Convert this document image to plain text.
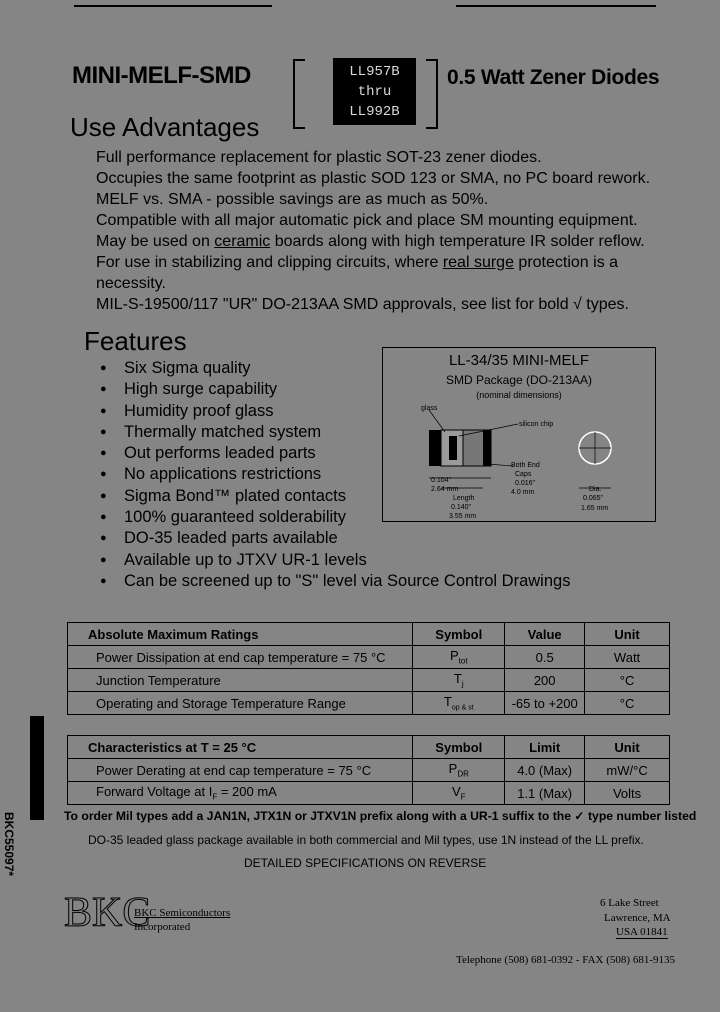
MINI-MELF-SMD	LL957B
thru
LL992B
0.5 Watt Zener Diodes
Use Advantages
Full performance replacement for plastic SOT-23 zener diodes.
Occupies the same footprint as plastic SOD 123 or SMA, no PC board rework.
MELF vs. SMA - possible savings are as much as 50%.
Compatible with all major automatic pick and place SM mounting equipment.
May be used on ceramic boards along with high temperature IR solder reflow.
For use in stabilizing and clipping circuits, where real surge protection is a
necessity.
MIL-S-19500/117 "UR" DO-213AA SMD approvals, see list for bold √ types.
Features
● Six Sigma quality
● High surge capability
● Humidity proof glass
● Thermally matched system
● Out performs leaded parts
● No applications restrictions
● Sigma Bond™ plated contacts
● 100% guaranteed solderability
● DO-35 leaded parts available
● Available up to JTXV UR-1 levels
● Can be screened up to "S" level via Source Control Drawings
LL-34/35 MINI-MELF
SMD Package (DO-213AA)
(nominal dimensions)
glass
silicon chip
Both End
Caps
0.016"
4.0 mm
0.104"
2.64 mm
Length
0.140"
3.55 mm
Dia.
0.065"
1.65 mm
Absolute Maximum Ratings	Symbol	Value	Unit
Power Dissipation at end cap temperature = 75 °C	$P_{tot}$	0.5	Watt
Junction Temperature	$T_j$	200	°C
Operating and Storage Temperature Range	$T_{op \& st}$	-65 to +200	°C
Characteristics at T = 25 °C	Symbol	Limit	Unit
Power Derating at end cap temperature = 75 °C	$P_{DR}$	4.0 (Max)	mW/°C
Forward Voltage at $I_F = 200$ mA	$V_F$	1.1 (Max)	Volts
To order Mil types add a JAN1N, JTX1N or JTXV1N prefix along with a UR-1 suffix to the ✓ type number listed
DO-35 leaded glass package available in both commercial and Mil types, use 1N instead of the LL prefix.
DETAILED SPECIFICATIONS ON REVERSE
BKC
BKC Semiconductors
Incorporated
6 Lake Street
Lawrence, MA
USA 01841
Telephone (508) 681-0392 - FAX (508) 681-9135
BKC55097*
